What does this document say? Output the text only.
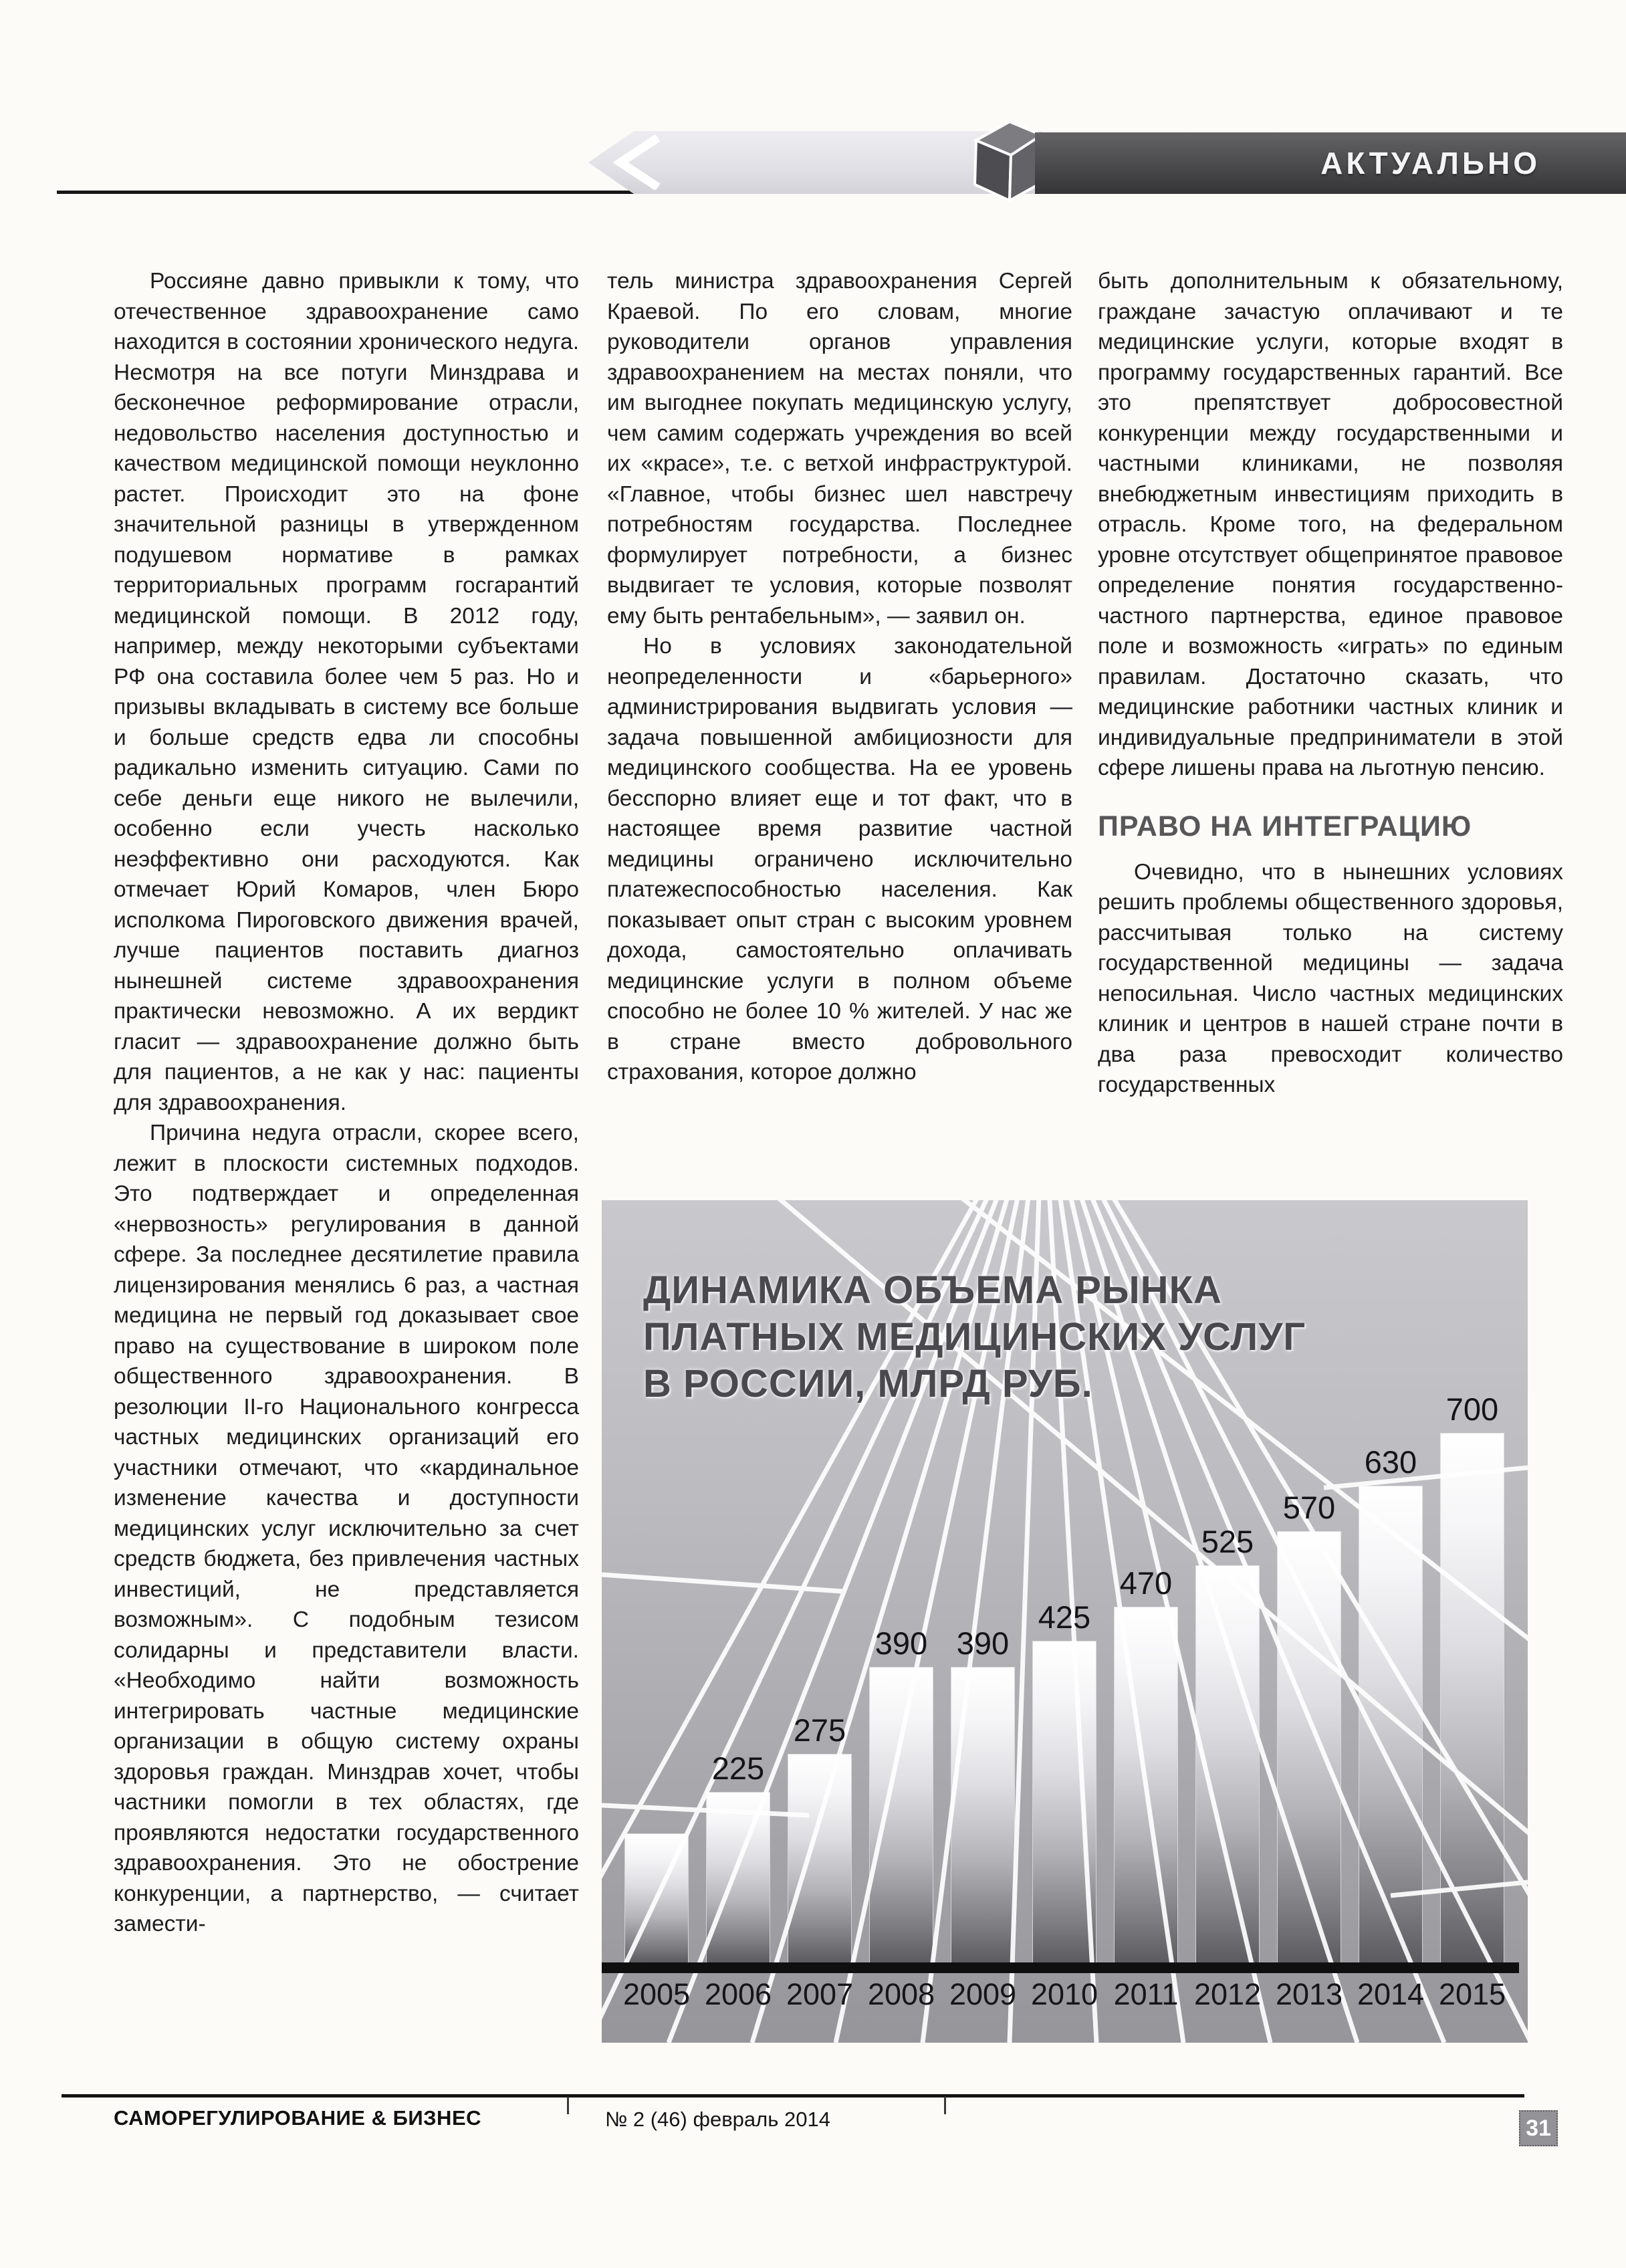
АКТУАЛЬНО

Россияне давно привыкли к тому, что отечественное здравоохранение само находится в состоянии хронического недуга. Несмотря на все потуги Минздрава и бесконечное реформирование отрасли, недовольство населения доступностью и качеством медицинской помощи неуклонно растет. Происходит это на фоне значительной разницы в утвержденном подушевом нормативе в рамках территориальных программ госгарантий медицинской помощи. В 2012 году, например, между некоторыми субъектами РФ она составила более чем 5 раз. Но и призывы вкладывать в систему все больше и больше средств едва ли способны радикально изменить ситуацию. Сами по себе деньги еще никого не вылечили, особенно если учесть насколько неэффективно они расходуются. Как отмечает Юрий Комаров, член Бюро исполкома Пироговского движения врачей, лучше пациентов поставить диагноз нынешней системе здравоохранения практически невозможно. А их вердикт гласит — здравоохранение должно быть для пациентов, а не как у нас: пациенты для здравоохранения.

Причина недуга отрасли, скорее всего, лежит в плоскости системных подходов. Это подтверждает и определенная «нервозность» регулирования в данной сфере. За последнее десятилетие правила лицензирования менялись 6 раз, а частная медицина не первый год доказывает свое право на существование в широком поле общественного здравоохранения. В резолюции II-го Национального конгресса частных медицинских организаций его участники отмечают, что «кардинальное изменение качества и доступности медицинских услуг исключительно за счет средств бюджета, без привлечения частных инвестиций, не представляется возможным». С подобным тезисом солидарны и представители власти. «Необходимо найти возможность интегрировать частные медицинские организации в общую систему охраны здоровья граждан. Минздрав хочет, чтобы частники помогли в тех областях, где проявляются недостатки государственного здравоохранения. Это не обострение конкуренции, а партнерство, — считает замести-

тель министра здравоохранения Сергей Краевой. По его словам, многие руководители органов управления здравоохранением на местах поняли, что им выгоднее покупать медицинскую услугу, чем самим содержать учреждения во всей их «красе», т.е. с ветхой инфраструктурой. «Главное, чтобы бизнес шел навстречу потребностям государства. Последнее формулирует потребности, а бизнес выдвигает те условия, которые позволят ему быть рентабельным», — заявил он.

Но в условиях законодательной неопределенности и «барьерного» администрирования выдвигать условия — задача повышенной амбициозности для медицинского сообщества. На ее уровень бесспорно влияет еще и тот факт, что в настоящее время развитие частной медицины ограничено исключительно платежеспособностью населения. Как показывает опыт стран с высоким уровнем дохода, самостоятельно оплачивать медицинские услуги в полном объеме способно не более 10 % жителей. У нас же в стране вместо добровольного страхования, которое должно

быть дополнительным к обязательному, граждане зачастую оплачивают и те медицинские услуги, которые входят в программу государственных гарантий. Все это препятствует добросовестной конкуренции между государственными и частными клиниками, не позволяя внебюджетным инвестициям приходить в отрасль. Кроме того, на федеральном уровне отсутствует общепринятое правовое определение понятия государственно-частного партнерства, единое правовое поле и возможность «играть» по единым правилам. Достаточно сказать, что медицинские работники частных клиник и индивидуальные предприниматели в этой сфере лишены права на льготную пенсию.

ПРАВО НА ИНТЕГРАЦИЮ

Очевидно, что в нынешних условиях решить проблемы общественного здоровья, рассчитывая только на систему государственной медицины — задача непосильная. Число частных медицинских клиник и центров в нашей стране почти в два раза превосходит количество государственных

225
275
390 390
425
470
525
570
630
700
ДИНАМИКА ОБЪЕМА РЫНКА
ПЛАТНЫХ МЕДИЦИНСКИХ УСЛУГ
В РОССИИ, МЛРД РУБ.
2005 2006 2007 2008 2009 2010 2011 2012 2013 2014 2015
САМОРЕГУЛИРОВАНИЕ & БИЗНЕС	№ 2 (46) февраль 2014	31
